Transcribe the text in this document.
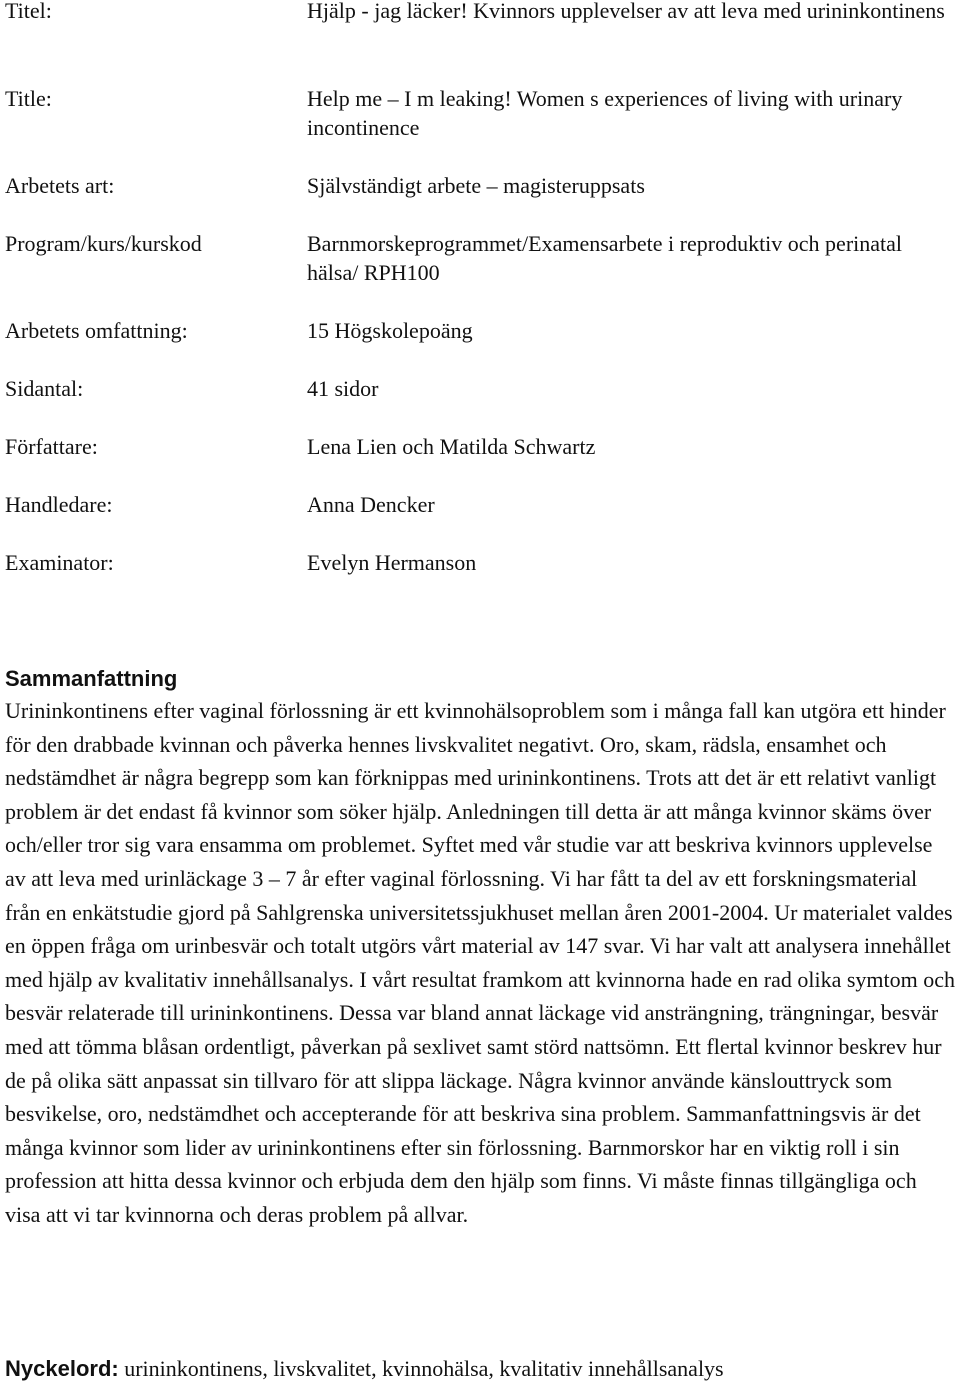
Titel:	Hjälp - jag läcker! Kvinnors upplevelser av att leva med urininkontinens
Title:	Help me – I m leaking! Women s experiences of living with urinary incontinence
Arbetets art:	Självständigt arbete – magisteruppsats
Program/kurs/kurskod	Barnmorskeprogrammet/Examensarbete i reproduktiv och perinatal hälsa/ RPH100
Arbetets omfattning:	15 Högskolepoäng
Sidantal:	41 sidor
Författare:	Lena Lien och Matilda Schwartz
Handledare:	Anna Dencker
Examinator:	Evelyn Hermanson
Sammanfattning

Urininkontinens efter vaginal förlossning är ett kvinnohälsoproblem som i många fall kan utgöra ett hinder för den drabbade kvinnan och påverka hennes livskvalitet negativt. Oro, skam, rädsla, ensamhet och nedstämdhet är några begrepp som kan förknippas med urininkontinens. Trots att det är ett relativt vanligt problem är det endast få kvinnor som söker hjälp. Anledningen till detta är att många kvinnor skäms över och/eller tror sig vara ensamma om problemet. Syftet med vår studie var att beskriva kvinnors upplevelse av att leva med urinläckage 3 – 7 år efter vaginal förlossning. Vi har fått ta del av ett forskningsmaterial från en enkätstudie gjord på Sahlgrenska universitetssjukhuset mellan åren 2001-2004. Ur materialet valdes en öppen fråga om urinbesvär och totalt utgörs vårt material av 147 svar. Vi har valt att analysera innehållet med hjälp av kvalitativ innehållsanalys. I vårt resultat framkom att kvinnorna hade en rad olika symtom och besvär relaterade till urininkontinens. Dessa var bland annat läckage vid ansträngning, trängningar, besvär med att tömma blåsan ordentligt, påverkan på sexlivet samt störd nattsömn. Ett flertal kvinnor beskrev hur de på olika sätt anpassat sin tillvaro för att slippa läckage. Några kvinnor använde känslouttryck som besvikelse, oro, nedstämdhet och accepterande för att beskriva sina problem. Sammanfattningsvis är det många kvinnor som lider av urininkontinens efter sin förlossning. Barnmorskor har en viktig roll i sin profession att hitta dessa kvinnor och erbjuda dem den hjälp som finns. Vi måste finnas tillgängliga och visa att vi tar kvinnorna och deras problem på allvar.

Nyckelord: urininkontinens, livskvalitet, kvinnohälsa, kvalitativ innehållsanalys
